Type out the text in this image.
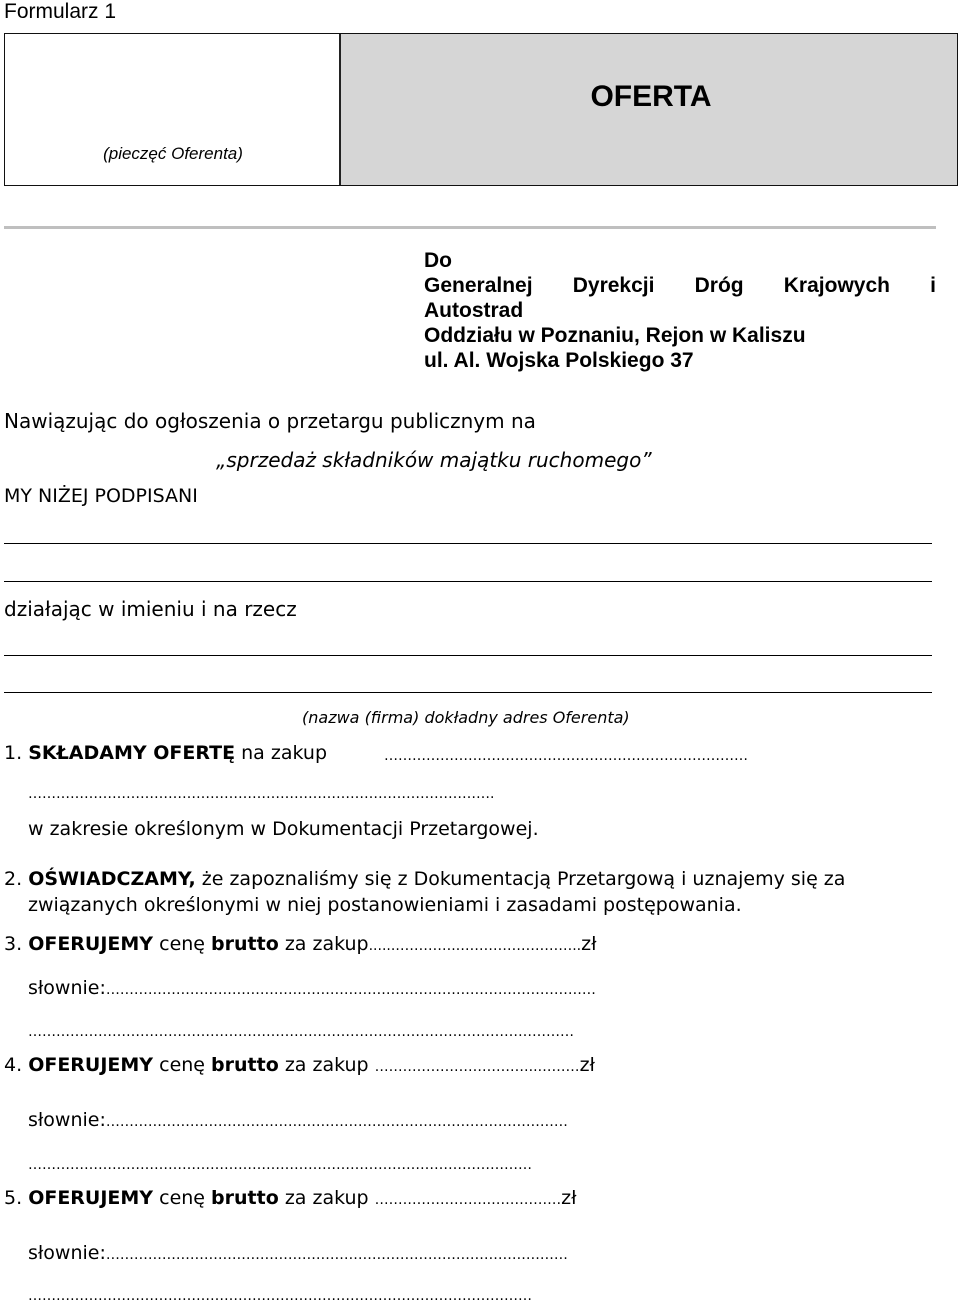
Formularz 1
(pieczęć Oferenta)
OFERTA
Do
Generalnej Dyrekcji Dróg Krajowych i
Autostrad
Oddziału w Poznaniu, Rejon w Kaliszu
ul. Al. Wojska Polskiego 37
Nawiązując do ogłoszenia o przetargu publicznym na
„sprzedaż składników majątku ruchomego”
MY NIŻEJ PODPISANI
działając w imieniu i na rzecz
(nazwa (firma) dokładny adres Oferenta)
1. SKŁADAMY OFERTĘ na zakup	……………………………………………………………………
……………………………………………………………………………………….
w zakresie określonym w Dokumentacji Przetargowej.
2. OŚWIADCZAMY, że zapoznaliśmy się z Dokumentacją Przetargową i uznajemy się za
związanych określonymi w niej postanowieniami i zasadami postępowania.
3. OFERUJEMY cenę brutto za zakup......…………..……………………..zł
słownie:……………………………………………………………………………………………
………………………………………………………………………………………………………
4. OFERUJEMY cenę brutto za zakup ……………………………..………zł
słownie:………………………………………………………………………………………
………………………………………………………………………………………………
5. OFERUJEMY cenę brutto za zakup …………………….……………zł
słownie:………………………………………………………………………………………
………………………………………………………………………………………………
